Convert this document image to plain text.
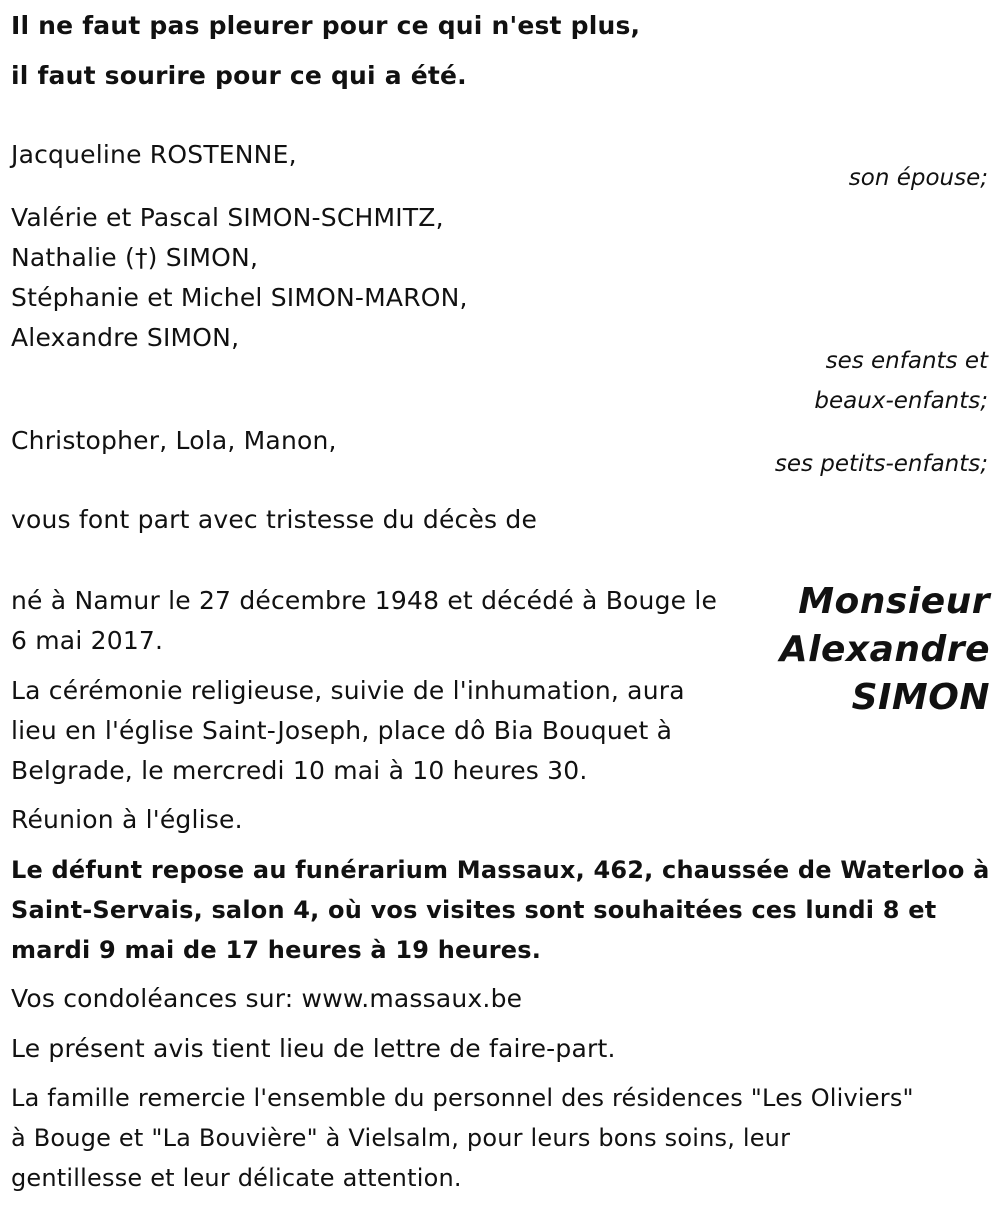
Il ne faut pas pleurer pour ce qui n'est plus,
il faut sourire pour ce qui a été.
Jacqueline ROSTENNE,
son épouse;
Valérie et Pascal SIMON-SCHMITZ,
Nathalie (†) SIMON,
Stéphanie et Michel SIMON-MARON,
Alexandre SIMON,
ses enfants et
beaux-enfants;
Christopher, Lola, Manon,
ses petits-enfants;
vous font part avec tristesse du décès de
Monsieur
Alexandre
SIMON
né à Namur le 27 décembre 1948 et décédé à Bouge le
6 mai 2017.
La cérémonie religieuse, suivie de l'inhumation, aura
lieu en l'église Saint-Joseph, place dô Bia Bouquet à
Belgrade, le mercredi 10 mai à 10 heures 30.
Réunion à l'église.
Le défunt repose au funérarium Massaux, 462, chaussée de Waterloo à
Saint-Servais, salon 4, où vos visites sont souhaitées ces lundi 8 et
mardi 9 mai de 17 heures à 19 heures.
Vos condoléances sur: www.massaux.be
Le présent avis tient lieu de lettre de faire-part.
La famille remercie l'ensemble du personnel des résidences "Les Oliviers"
à Bouge et "La Bouvière" à Vielsalm, pour leurs bons soins, leur
gentillesse et leur délicate attention.
